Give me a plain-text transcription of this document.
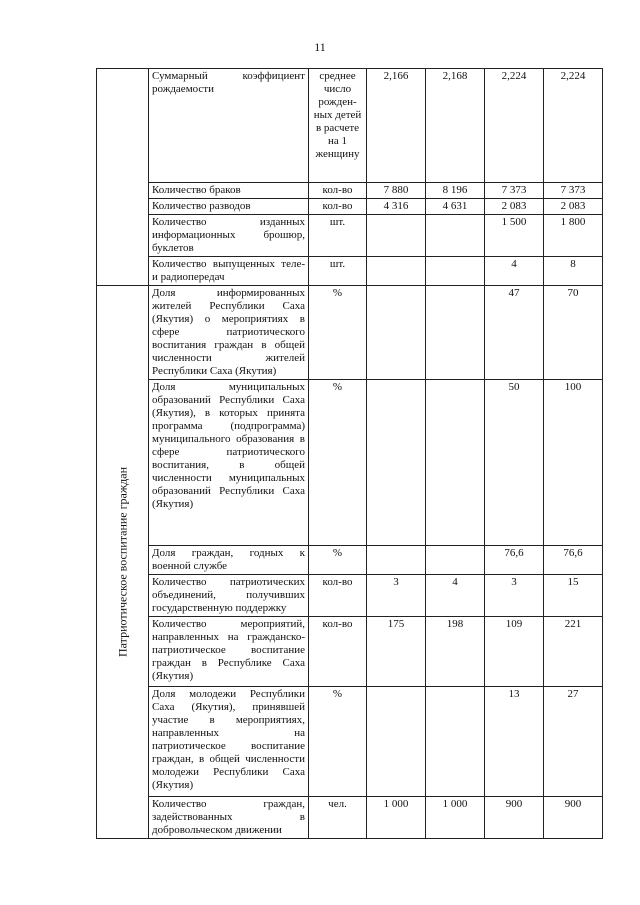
11
	Суммарный коэффициент рождаемости	среднее число рожден-ных детей в расчете на 1 женщину	2,166	2,168	2,224	2,224
	Количество браков	кол-во	7 880	8 196	7 373	7 373
	Количество разводов	кол-во	4 316	4 631	2 083	2 083
	Количество изданных информационных брошюр, буклетов	шт.			1 500	1 800
	Количество выпущенных теле- и радиопередач	шт.			4	8

Патриотическое воспитание граждан	Доля информированных жителей Республики Саха (Якутия) о мероприятиях в сфере патриотического воспитания граждан в общей численности жителей Республики Саха (Якутия)	%			47	70
	Доля муниципальных образований Республики Саха (Якутия), в которых принята программа (подпрограмма) муниципального образования в сфере патриотического воспитания, в общей численности муниципальных образований Республики Саха (Якутия)	%			50	100
	Доля граждан, годных к военной службе	%			76,6	76,6
	Количество патриотических объединений, получивших государственную поддержку	кол-во	3	4	3	15
	Количество мероприятий, направленных на гражданско-патриотическое воспитание граждан в Республике Саха (Якутия)	кол-во	175	198	109	221
	Доля молодежи Республики Саха (Якутия), принявшей участие в мероприятиях, направленных на патриотическое воспитание граждан, в общей численности молодежи Республики Саха (Якутия)	%			13	27
	Количество граждан, задействованных в добровольческом движении	чел.	1 000	1 000	900	900
